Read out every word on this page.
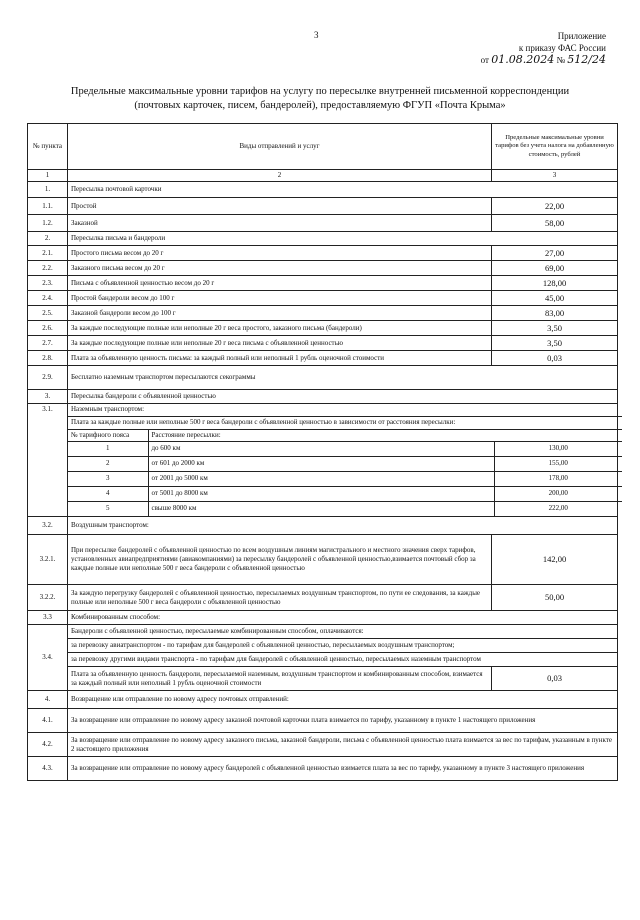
3	Приложение
к приказу ФАС России
от 01.08.2024 № 512/24
Предельные максимальные уровни тарифов на услугу по пересылке внутренней письменной корреспонденции
(почтовых карточек, писем, бандеролей), предоставляемую ФГУП «Почта Крыма»
№ пункта	Виды отправлений и услуг	Предельные максимальные уровни тарифов без учета налога на добавленную стоимость, рублей
1	2	3
1.	Пересылка почтовой карточки
1.1.	Простой	22,00
1.2.	Заказной	58,00
2.	Пересылка письма и бандероли
2.1.	Простого письма весом до 20 г	27,00
2.2.	Заказного письма весом до 20 г	69,00
2.3.	Письма с объявленной ценностью весом до 20 г	128,00
2.4.	Простой бандероли весом до 100 г	45,00
2.5.	Заказной бандероли весом до 100 г	83,00
2.6.	За каждые последующие полные или неполные 20 г веса простого, заказного письма (бандероли)	3,50
2.7.	За каждые последующие полные или неполные 20 г веса письма с объявленной ценностью	3,50
2.8.	Плата за объявленную ценность письма: за каждый полный или неполный 1 рубль оценочной стоимости	0,03
2.9.	Бесплатно наземным транспортом пересылаются секограммы
3.	Пересылка бандероли с объявленной ценностью
3.1.		Наземным транспортом:
Плата за каждые полные или неполные 500 г веса бандероли с объявленной ценностью в зависимости от расстояния пересылки:
№ тарифного пояса	Расстояние пересылки:
1	до 600 км	130,00
2	от 601 до 2000 км	155,00
3	от 2001 до 5000 км	178,00
4	от 5001 до 8000 км	200,00
5	свыше 8000 км	222,00

3.2.	Воздушным транспортом:
3.2.1.	При пересылке бандеролей с объявленной ценностью по всем воздушным линиям магистрального и местного значения сверх тарифов, установленных авиапредприятиями (авиакомпаниями) за пересылку бандеролей с объявленной ценностью,взимается почтовый сбор за каждые полные или неполные 500 г веса бандероли с объявленной ценностью	142,00
3.2.2.	За каждую перегрузку бандеролей с объявленной ценностью, пересылаемых воздушным транспортом, по пути ее следования, за каждые полные или неполные 500 г веса бандероли с объявленной ценностью	50,00
3.3	Комбинированным способом:
3.4.	
Бандероли с объявленной ценностью, пересылаемые комбинированным способом, оплачиваются:
за перевозку авиатранспортом - по тарифам для бандеролей с объявленной ценностью, пересылаемых воздушным транспортом;
за перевозку другими видами транспорта - по тарифам для бандеролей с объявленной ценностью, пересылаемых наземным транспортом

Плата за объявленную ценность бандероли, пересылаемой наземным, воздушным транспортом и комбинированным способом, взимается за каждый полный или неполный 1 рубль оценочной стоимости	0,03
4.	Возвращение или отправление по новому адресу почтовых отправлений:
4.1.	За возвращение или отправление по новому адресу заказной почтовой карточки плата взимается по тарифу, указанному в пункте 1 настоящего приложения
4.2.	За возвращение или отправление по новому адресу заказного письма, заказной бандероли, письма с объявленной ценностью плата взимается за вес по тарифам, указанным в пункте 2 настоящего приложения
4.3.	За возвращение или отправление по новому адресу бандеролей с объявленной ценностью взимается плата за вес по тарифу, указанному в пункте 3 настоящего приложения
